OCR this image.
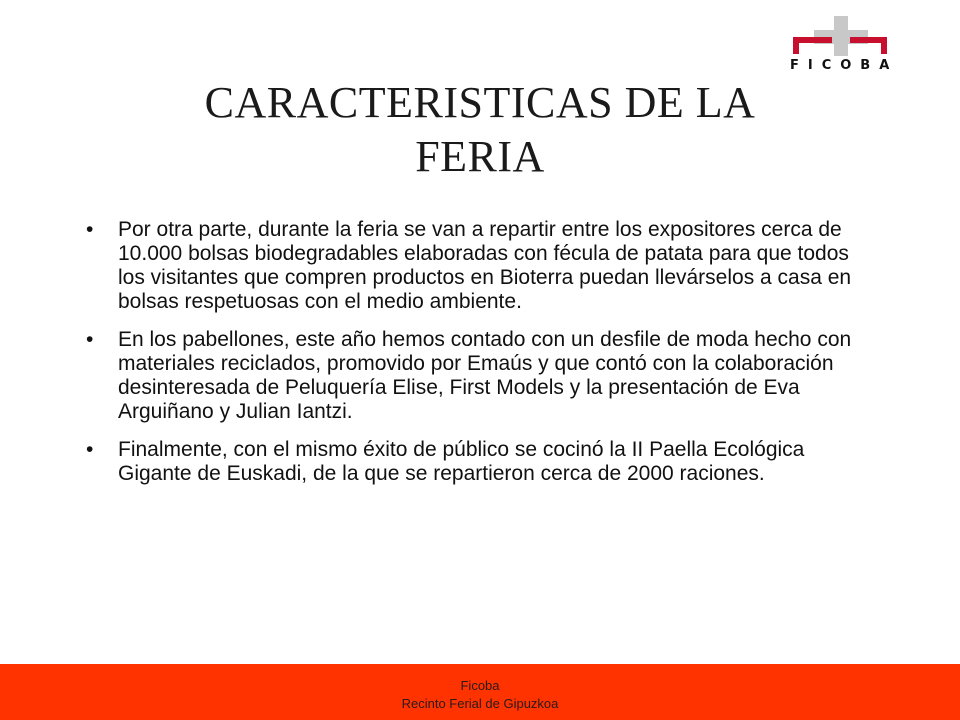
FICOBA
CARACTERISTICAS DE LA FERIA
• Por otra parte, durante la feria se van a repartir entre los expositores cerca de 10.000 bolsas biodegradables elaboradas con fécula de patata para que todos los visitantes que compren productos en Bioterra puedan llevárselos a casa en bolsas respetuosas con el medio ambiente.
• En los pabellones, este año hemos contado con un desfile de moda hecho con materiales reciclados, promovido por Emaús y que contó con la colaboración desinteresada de Peluquería Elise, First Models y la presentación de Eva Arguiñano y Julian Iantzi.
• Finalmente, con el mismo éxito de público se cocinó la II Paella Ecológica Gigante de Euskadi, de la que se repartieron cerca de 2000 raciones.
Ficoba
Recinto Ferial de Gipuzkoa
